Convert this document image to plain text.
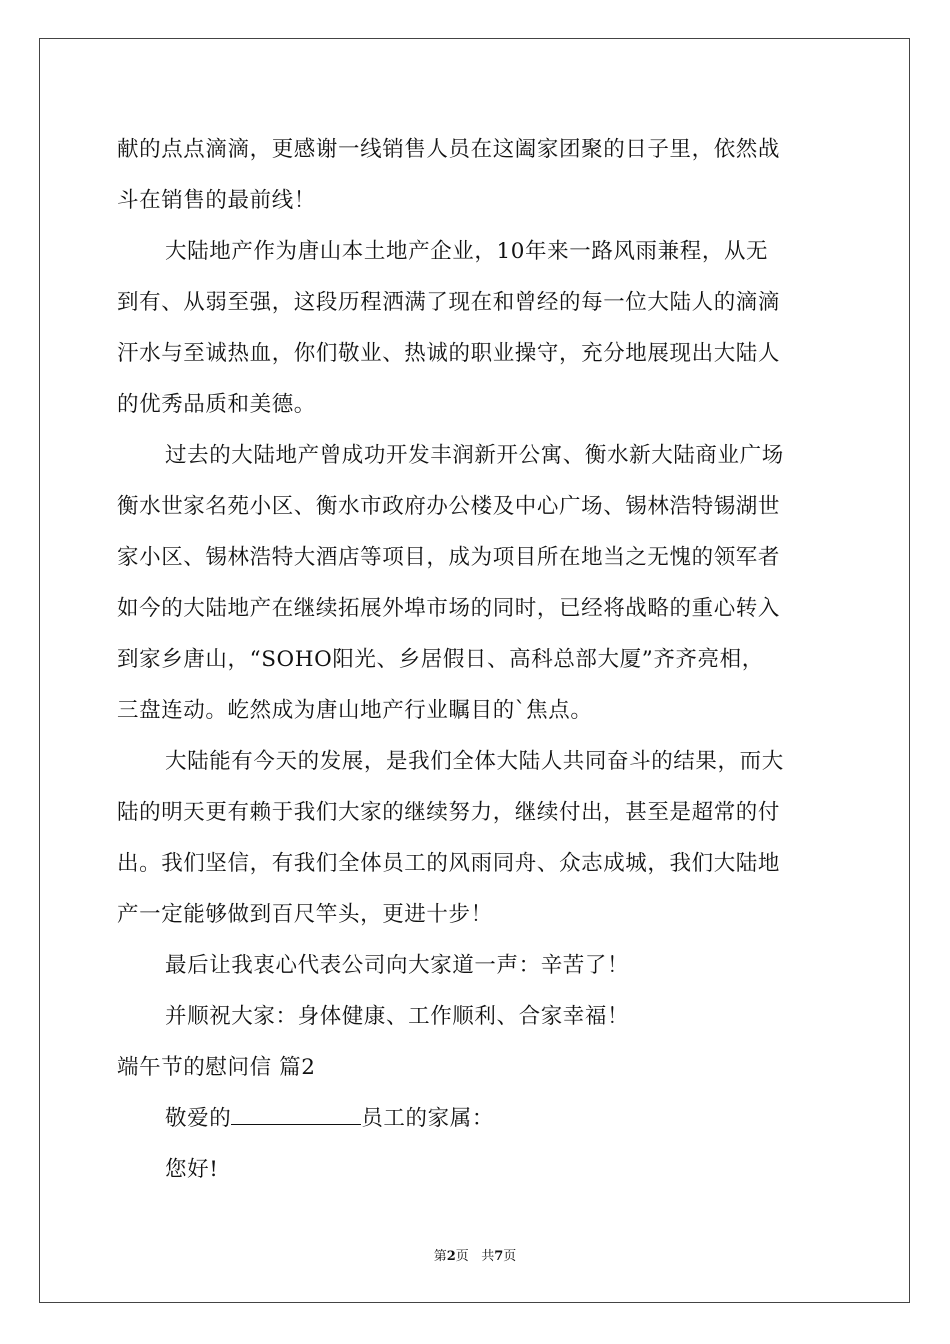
献的点点滴滴，更感谢一线销售人员在这阖家团聚的日子里，依然战
斗在销售的最前线！
大陆地产作为唐山本土地产企业，10年来一路风雨兼程，从无
到有、从弱至强，这段历程洒满了现在和曾经的每一位大陆人的滴滴
汗水与至诚热血，你们敬业、热诚的职业操守，充分地展现出大陆人
的优秀品质和美德。
过去的大陆地产曾成功开发丰润新开公寓、衡水新大陆商业广场
衡水世家名苑小区、衡水市政府办公楼及中心广场、锡林浩特锡湖世
家小区、锡林浩特大酒店等项目，成为项目所在地当之无愧的领军者
如今的大陆地产在继续拓展外埠市场的同时，已经将战略的重心转入
到家乡唐山，“SOHO阳光、乡居假日、高科总部大厦”齐齐亮相，
三盘连动。屹然成为唐山地产行业瞩目的`焦点。
大陆能有今天的发展，是我们全体大陆人共同奋斗的结果，而大
陆的明天更有赖于我们大家的继续努力，继续付出，甚至是超常的付
出。我们坚信，有我们全体员工的风雨同舟、众志成城，我们大陆地
产一定能够做到百尺竿头，更进十步！
最后让我衷心代表公司向大家道一声：辛苦了！
并顺祝大家：身体健康、工作顺利、合家幸福！
端午节的慰问信 篇2
敬爱的	员工的家属：
您好!
第2页 共7页
